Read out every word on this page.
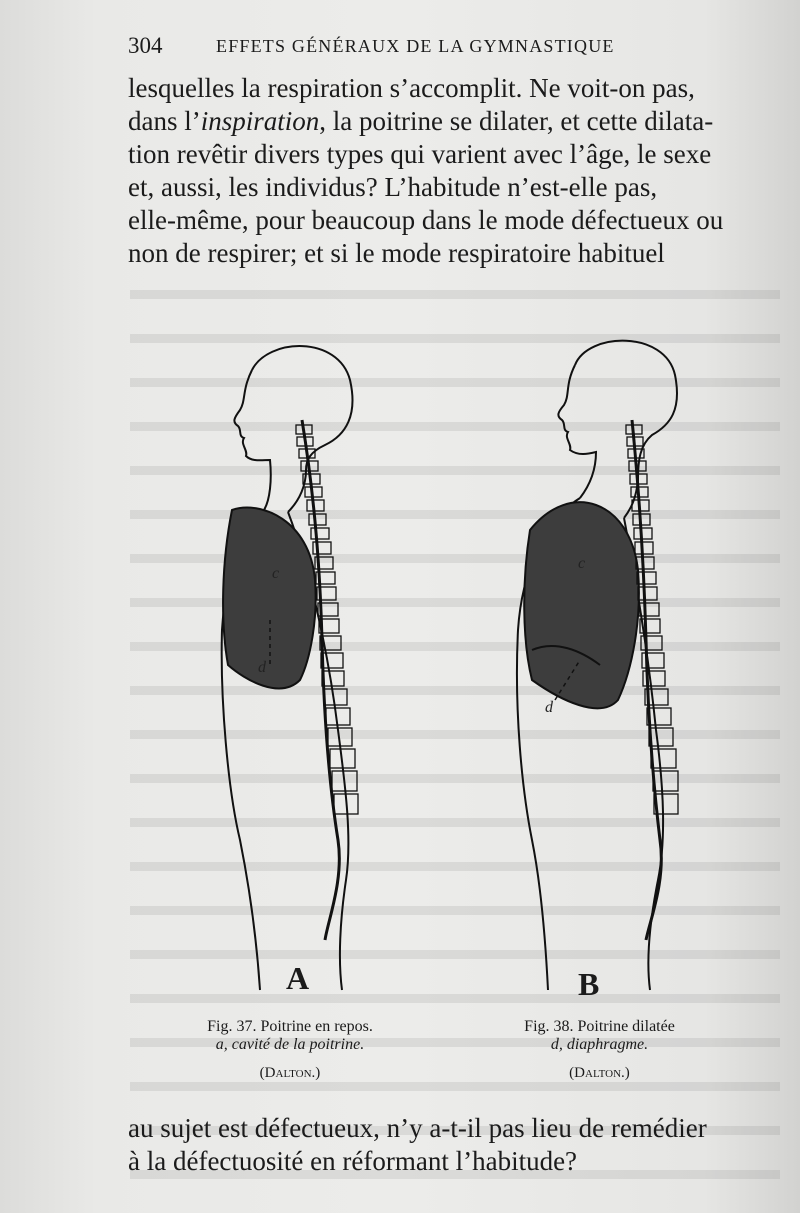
304	EFFETS GÉNÉRAUX DE LA GYMNASTIQUE
lesquelles la respiration s’accomplit. Ne voit-on pas,
dans l’inspiration, la poitrine se dilater, et cette dilata-
tion revêtir divers types qui varient avec l’âge, le sexe
et, aussi, les individus? L’habitude n’est-elle pas,
elle-même, pour beaucoup dans le mode défectueux ou
non de respirer; et si le mode respiratoire habituel
c
d
c
d
A	B
Fig. 37. Poitrine en repos.
a, cavité de la poitrine.
(Dalton.)
Fig. 38. Poitrine dilatée
d, diaphragme.
(Dalton.)
au sujet est défectueux, n’y a-t-il pas lieu de remédier
à la défectuosité en réformant l’habitude?
